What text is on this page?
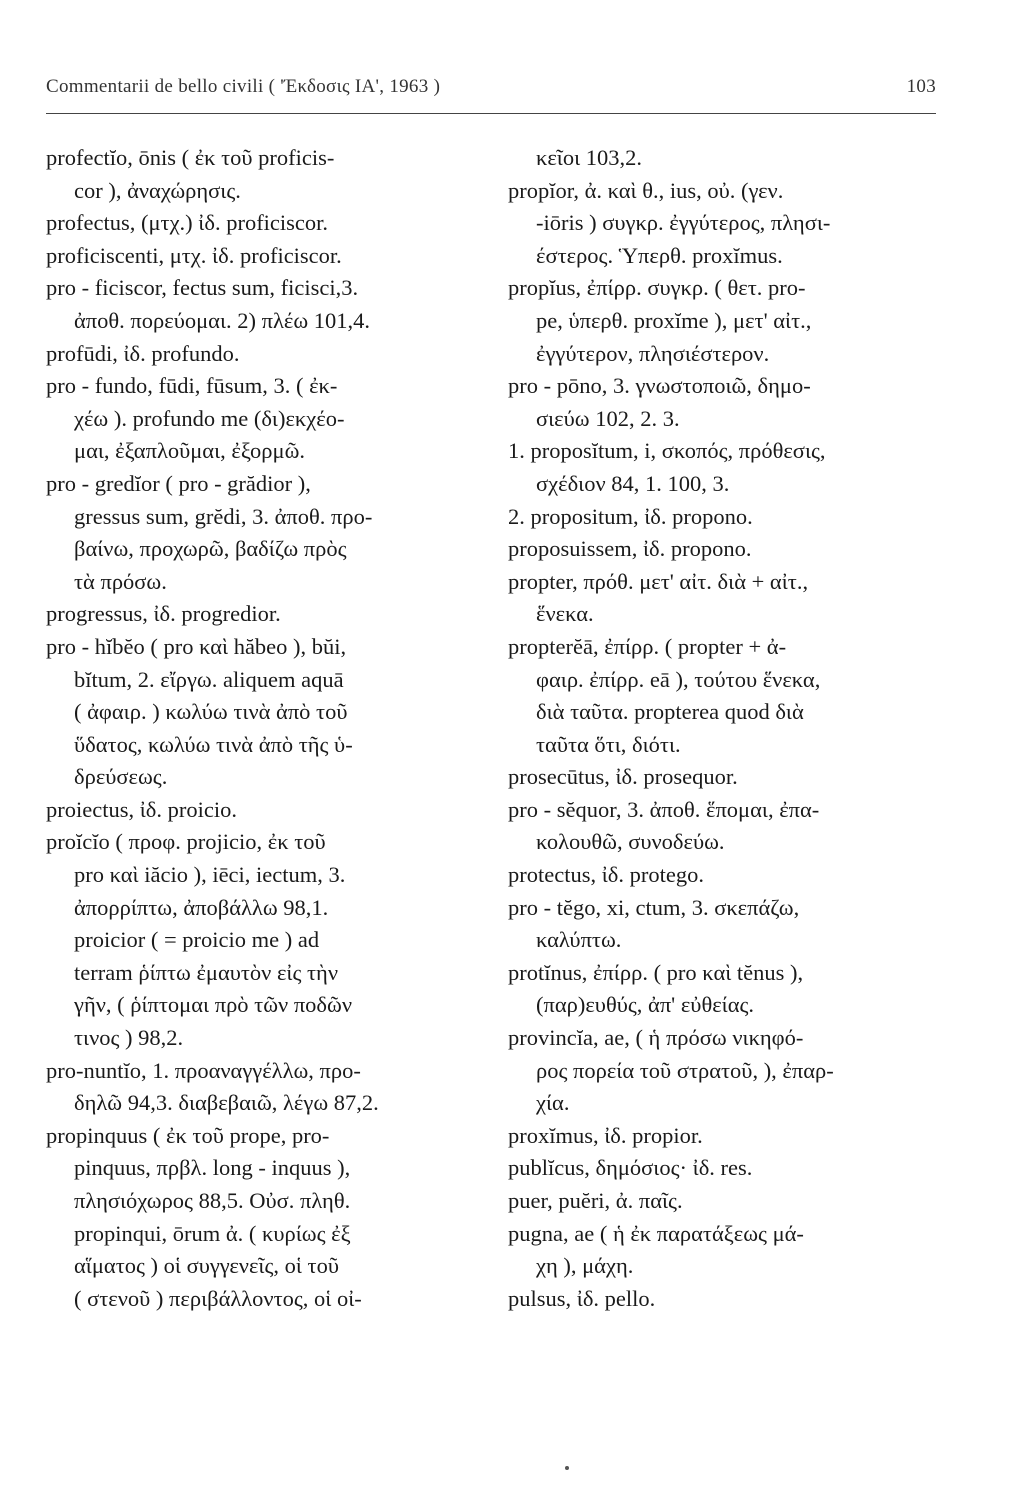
Commentarii de bello civili ( 'Έκδοσις ΙΑ', 1963 )	103
profectĭo, ōnis ( ἐκ τοῦ proficis-
cor ), ἀναχώρησις.
profectus, (μτχ.) ἰδ. proficiscor.
proficiscenti, μτχ. ἰδ. proficiscor.
pro - ficiscor, fectus sum, ficisci,3.
ἀποθ. πορεύομαι. 2) πλέω 101,4.
profūdi, ἰδ. profundo.
pro - fundo, fūdi, fūsum, 3. ( ἐκ-
χέω ). profundo me (δι)εκχέο-
μαι, ἐξαπλοῦμαι, ἐξορμῶ.
pro - gredĭor ( pro - grădior ),
gressus sum, grĕdi, 3. ἀποθ. προ-
βαίνω, προχωρῶ, βαδίζω πρὸς
τὰ πρόσω.
progressus, ἰδ. progredior.
pro - hĭbĕo ( pro καὶ hăbeo ), bŭi,
bĭtum, 2. εἴργω. aliquem aquā
( ἀφαιρ. ) κωλύω τινὰ ἀπὸ τοῦ
ὕδατος, κωλύω τινὰ ἀπὸ τῆς ὑ-
δρεύσεως.
proiectus, ἰδ. proicio.
proĭcĭo ( προφ. projicio, ἐκ τοῦ
pro καὶ iăcio ), iēci, iectum, 3.
ἀπορρίπτω, ἀποβάλλω 98,1.
proicior ( = proicio me ) ad
terram ῥίπτω ἐμαυτὸν εἰς τὴν
γῆν, ( ῥίπτομαι πρὸ τῶν ποδῶν
τινος ) 98,2.
pro-nuntĭo, 1. προαναγγέλλω, προ-
δηλῶ 94,3. διαβεβαιῶ, λέγω 87,2.
propinquus ( ἐκ τοῦ prope, pro-
pinquus, πρβλ. long - inquus ),
πλησιόχωρος 88,5. Οὐσ. πληθ.
propinqui, ōrum ἀ. ( κυρίως ἐξ
αἵματος ) οἱ συγγενεῖς, οἱ τοῦ
( στενοῦ ) περιβάλλοντος, οἱ οἰ-
κεῖοι 103,2.
propĭor, ἀ. καὶ θ., ius, οὐ. (γεν.
-iōris ) συγκρ. ἐγγύτερος, πλησι-
έστερος. Ὑπερθ. proxĭmus.
propĭus, ἐπίρρ. συγκρ. ( θετ. pro-
pe, ὑπερθ. proxĭme ), μετ' αἰτ.,
ἐγγύτερον, πλησιέστερον.
pro - pōno, 3. γνωστοποιῶ, δημο-
σιεύω 102, 2. 3.
1. proposĭtum, i, σκοπός, πρόθεσις,
σχέδιον 84, 1. 100, 3.
2. propositum, ἰδ. propono.
proposuissem, ἰδ. propono.
propter, πρόθ. μετ' αἰτ. διὰ + αἰτ.,
ἕνεκα.
propterĕā, ἐπίρρ. ( propter + ἀ-
φαιρ. ἐπίρρ. eā ), τούτου ἕνεκα,
διὰ ταῦτα. propterea quod διὰ
ταῦτα ὅτι, διότι.
prosecūtus, ἰδ. prosequor.
pro - sĕquor, 3. ἀποθ. ἕπομαι, ἐπα-
κολουθῶ, συνοδεύω.
protectus, ἰδ. protego.
pro - tĕgo, xi, ctum, 3. σκεπάζω,
καλύπτω.
protĭnus, ἐπίρρ. ( pro καὶ tĕnus ),
(παρ)ευθύς, ἀπ' εὐθείας.
provincĭa, ae, ( ἡ πρόσω νικηφό-
ρος πορεία τοῦ στρατοῦ, ), ἐπαρ-
χία.
proxĭmus, ἰδ. propior.
publĭcus, δημόσιος· ἰδ. res.
puer, puĕri, ἀ. παῖς.
pugna, ae ( ἡ ἐκ παρατάξεως μά-
χη ), μάχη.
pulsus, ἰδ. pello.
